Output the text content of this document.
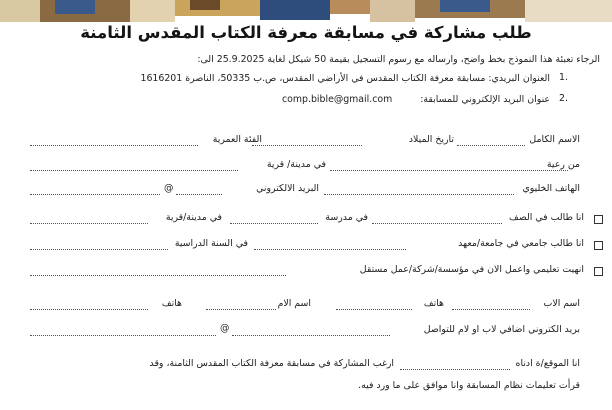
طلب مشاركة في مسابقة معرفة الكتاب المقدس الثامنة
الرجاء تعبئة هذا النموذج بخط واضح، وارساله مع رسوم التسجيل بقيمة 50 شيكل لغاية 25.9.2025 الى:
1.
العنوان البريدي: مسابقة معرفة الكتاب المقدس في الأراضي المقدس، ص.ب 50335، الناصرة 1616201
2.
عنوان البريد الإلكتروني للمسابقة:
comp.bible@gmail.com
الاسم الكامل
تاريخ الميلاد
الفئة العمرية
من رعية
في مدينة/ قرية
الهاتف الخليوي
البريد الالكتروني
@
انا طالب في الصف
في مدرسة
في مدينة/قرية
انا طالب جامعي في جامعة/معهد
في السنة الدراسية
انهيت تعليمي واعمل الان في مؤسسة/شركة/عمل مستقل
اسم الاب
هاتف
اسم الام
هاتف
بريد الكتروني اضافي لاب او لام للتواصل
@
انا الموقع/ة ادناه
ارغب المشاركة في مسابقة معرفة الكتاب المقدس الثامنة، وقد
قرأت تعليمات نظام المسابقة وانا موافق على ما ورد فيه.
